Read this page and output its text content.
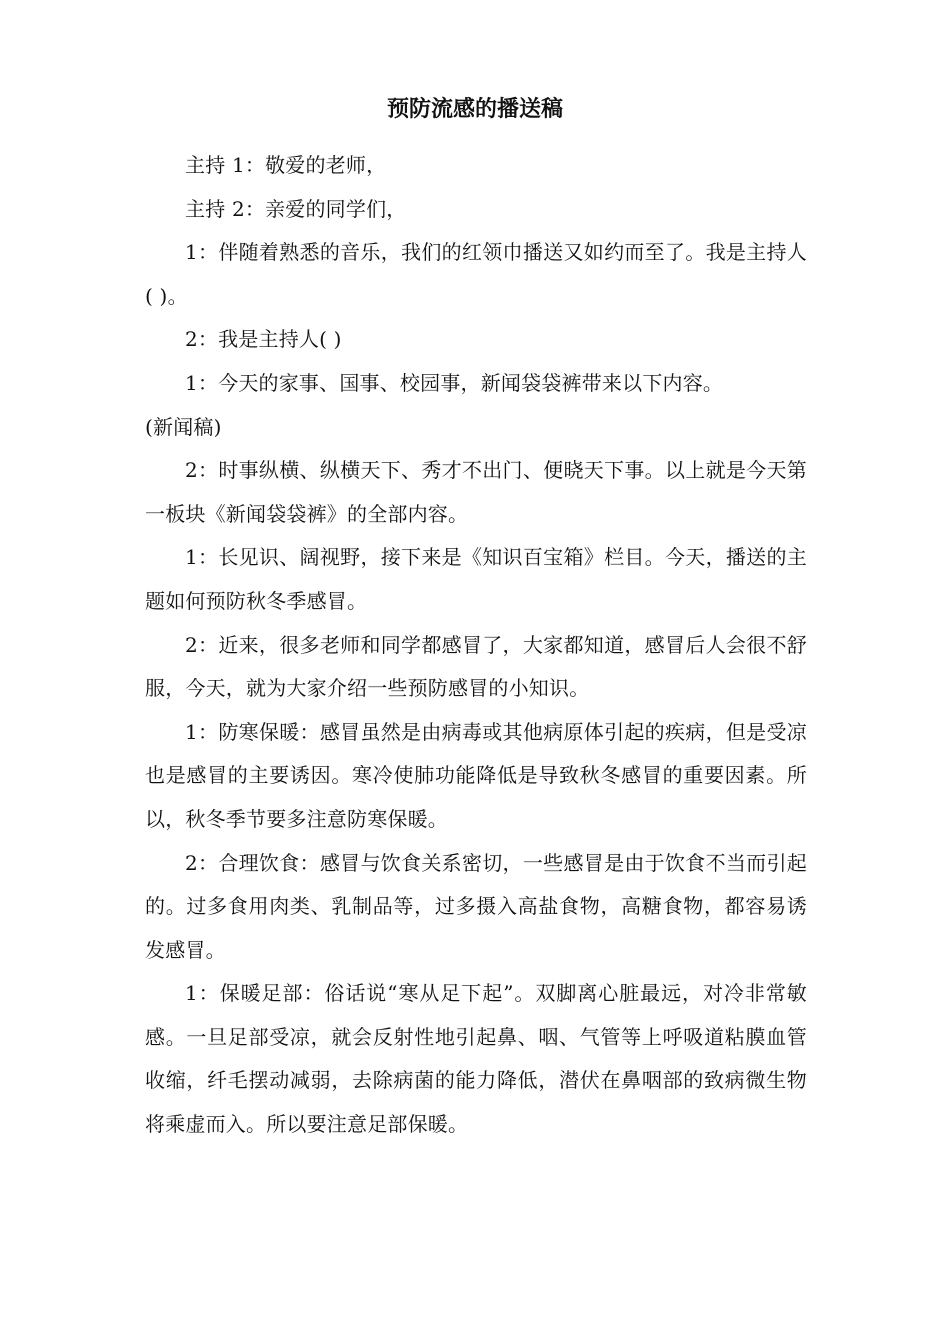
预防流感的播送稿

主持 1：敬爱的老师，

主持 2：亲爱的同学们，

1：伴随着熟悉的音乐，我们的红领巾播送又如约而至了。我是主持人( )。

2：我是主持人( )

1：今天的家事、国事、校园事，新闻袋袋裤带来以下内容。

(新闻稿)

2：时事纵横、纵横天下、秀才不出门、便晓天下事。以上就是今天第一板块《新闻袋袋裤》的全部内容。

1：长见识、阔视野，接下来是《知识百宝箱》栏目。今天，播送的主题如何预防秋冬季感冒。

2：近来，很多老师和同学都感冒了，大家都知道，感冒后人会很不舒服，今天，就为大家介绍一些预防感冒的小知识。

1：防寒保暖：感冒虽然是由病毒或其他病原体引起的疾病，但是受凉也是感冒的主要诱因。寒冷使肺功能降低是导致秋冬感冒的重要因素。所以，秋冬季节要多注意防寒保暖。

2：合理饮食：感冒与饮食关系密切，一些感冒是由于饮食不当而引起的。过多食用肉类、乳制品等，过多摄入高盐食物，高糖食物，都容易诱发感冒。

1：保暖足部：俗话说“寒从足下起”。双脚离心脏最远，对冷非常敏感。一旦足部受凉，就会反射性地引起鼻、咽、气管等上呼吸道粘膜血管收缩，纤毛摆动减弱，去除病菌的能力降低，潜伏在鼻咽部的致病微生物将乘虚而入。所以要注意足部保暖。
